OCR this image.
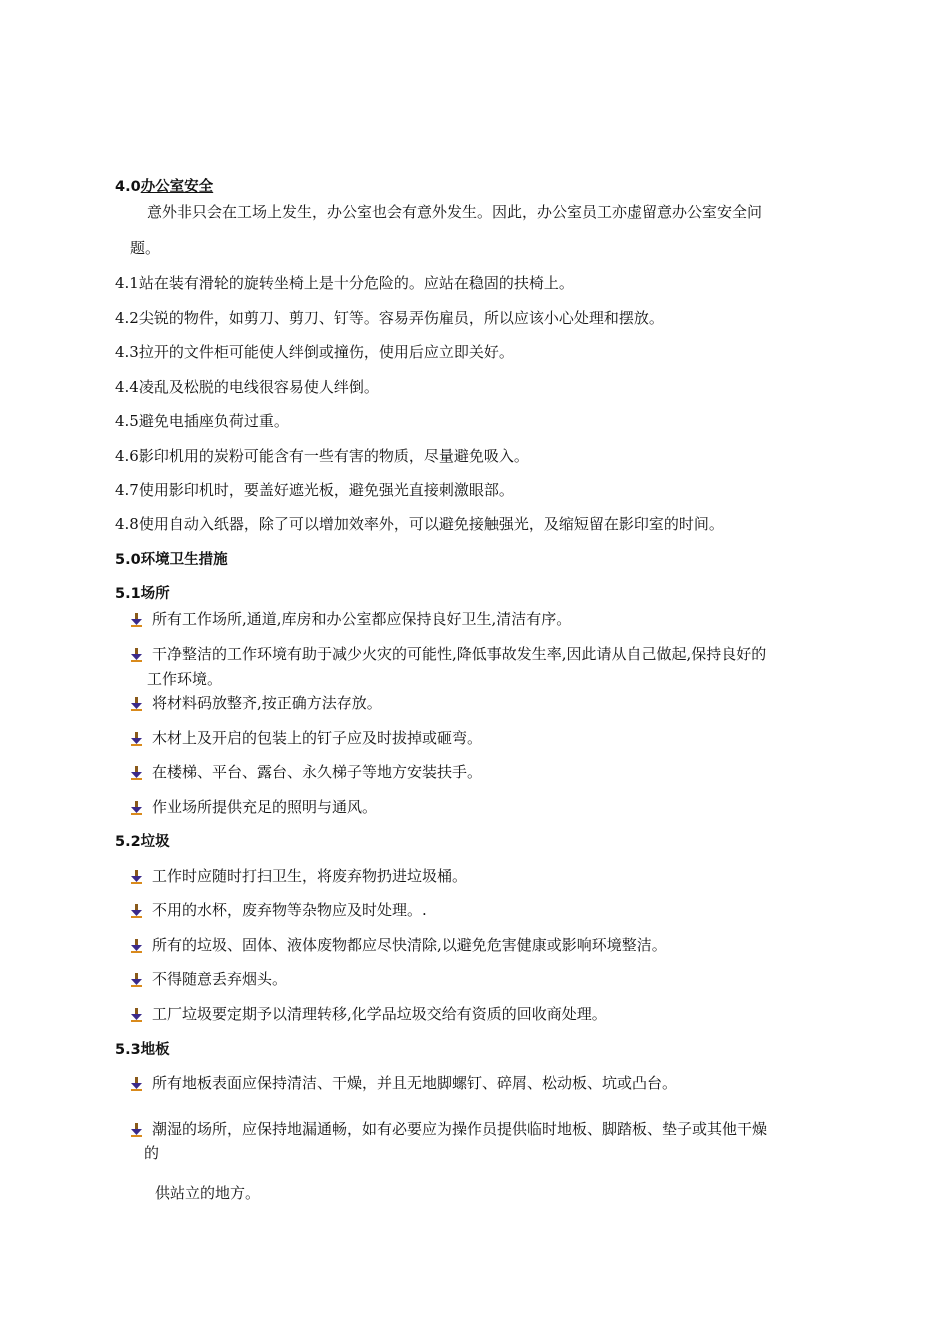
4.0办公室安全
意外非只会在工场上发生，办公室也会有意外发生。因此，办公室员工亦虚留意办公室安全问
题。
4.1站在装有滑轮的旋转坐椅上是十分危险的。应站在稳固的扶椅上。
4.2尖锐的物件，如剪刀、剪刀、钉等。容易弄伤雇员，所以应该小心处理和摆放。
4.3拉开的文件柜可能使人绊倒或撞伤，使用后应立即关好。
4.4凌乱及松脱的电线很容易使人绊倒。
4.5避免电插座负荷过重。
4.6影印机用的炭粉可能含有一些有害的物质，尽量避免吸入。
4.7使用影印机时，要盖好遮光板，避免强光直接刺激眼部。
4.8使用自动入纸器，除了可以增加效率外，可以避免接触强光，及缩短留在影印室的时间。
5.0环境卫生措施
5.1场所
所有工作场所,通道,库房和办公室都应保持良好卫生,清洁有序。
干净整洁的工作环境有助于减少火灾的可能性,降低事故发生率,因此请从自己做起,保持良好的
工作环境。
将材料码放整齐,按正确方法存放。
木材上及开启的包装上的钉子应及时拔掉或砸弯。
在楼梯、平台、露台、永久梯子等地方安装扶手。
作业场所提供充足的照明与通风。
5.2垃圾
工作时应随时打扫卫生，将废弃物扔进垃圾桶。
不用的水杯，废弃物等杂物应及时处理。.
所有的垃圾、固体、液体废物都应尽快清除,以避免危害健康或影响环境整洁。
不得随意丢弃烟头。
工厂垃圾要定期予以清理转移,化学品垃圾交给有资质的回收商处理。
5.3地板
所有地板表面应保持清洁、干燥，并且无地脚螺钉、碎屑、松动板、坑或凸台。
潮湿的场所，应保持地漏通畅，如有必要应为操作员提供临时地板、脚踏板、垫子或其他干燥
的
供站立的地方。
